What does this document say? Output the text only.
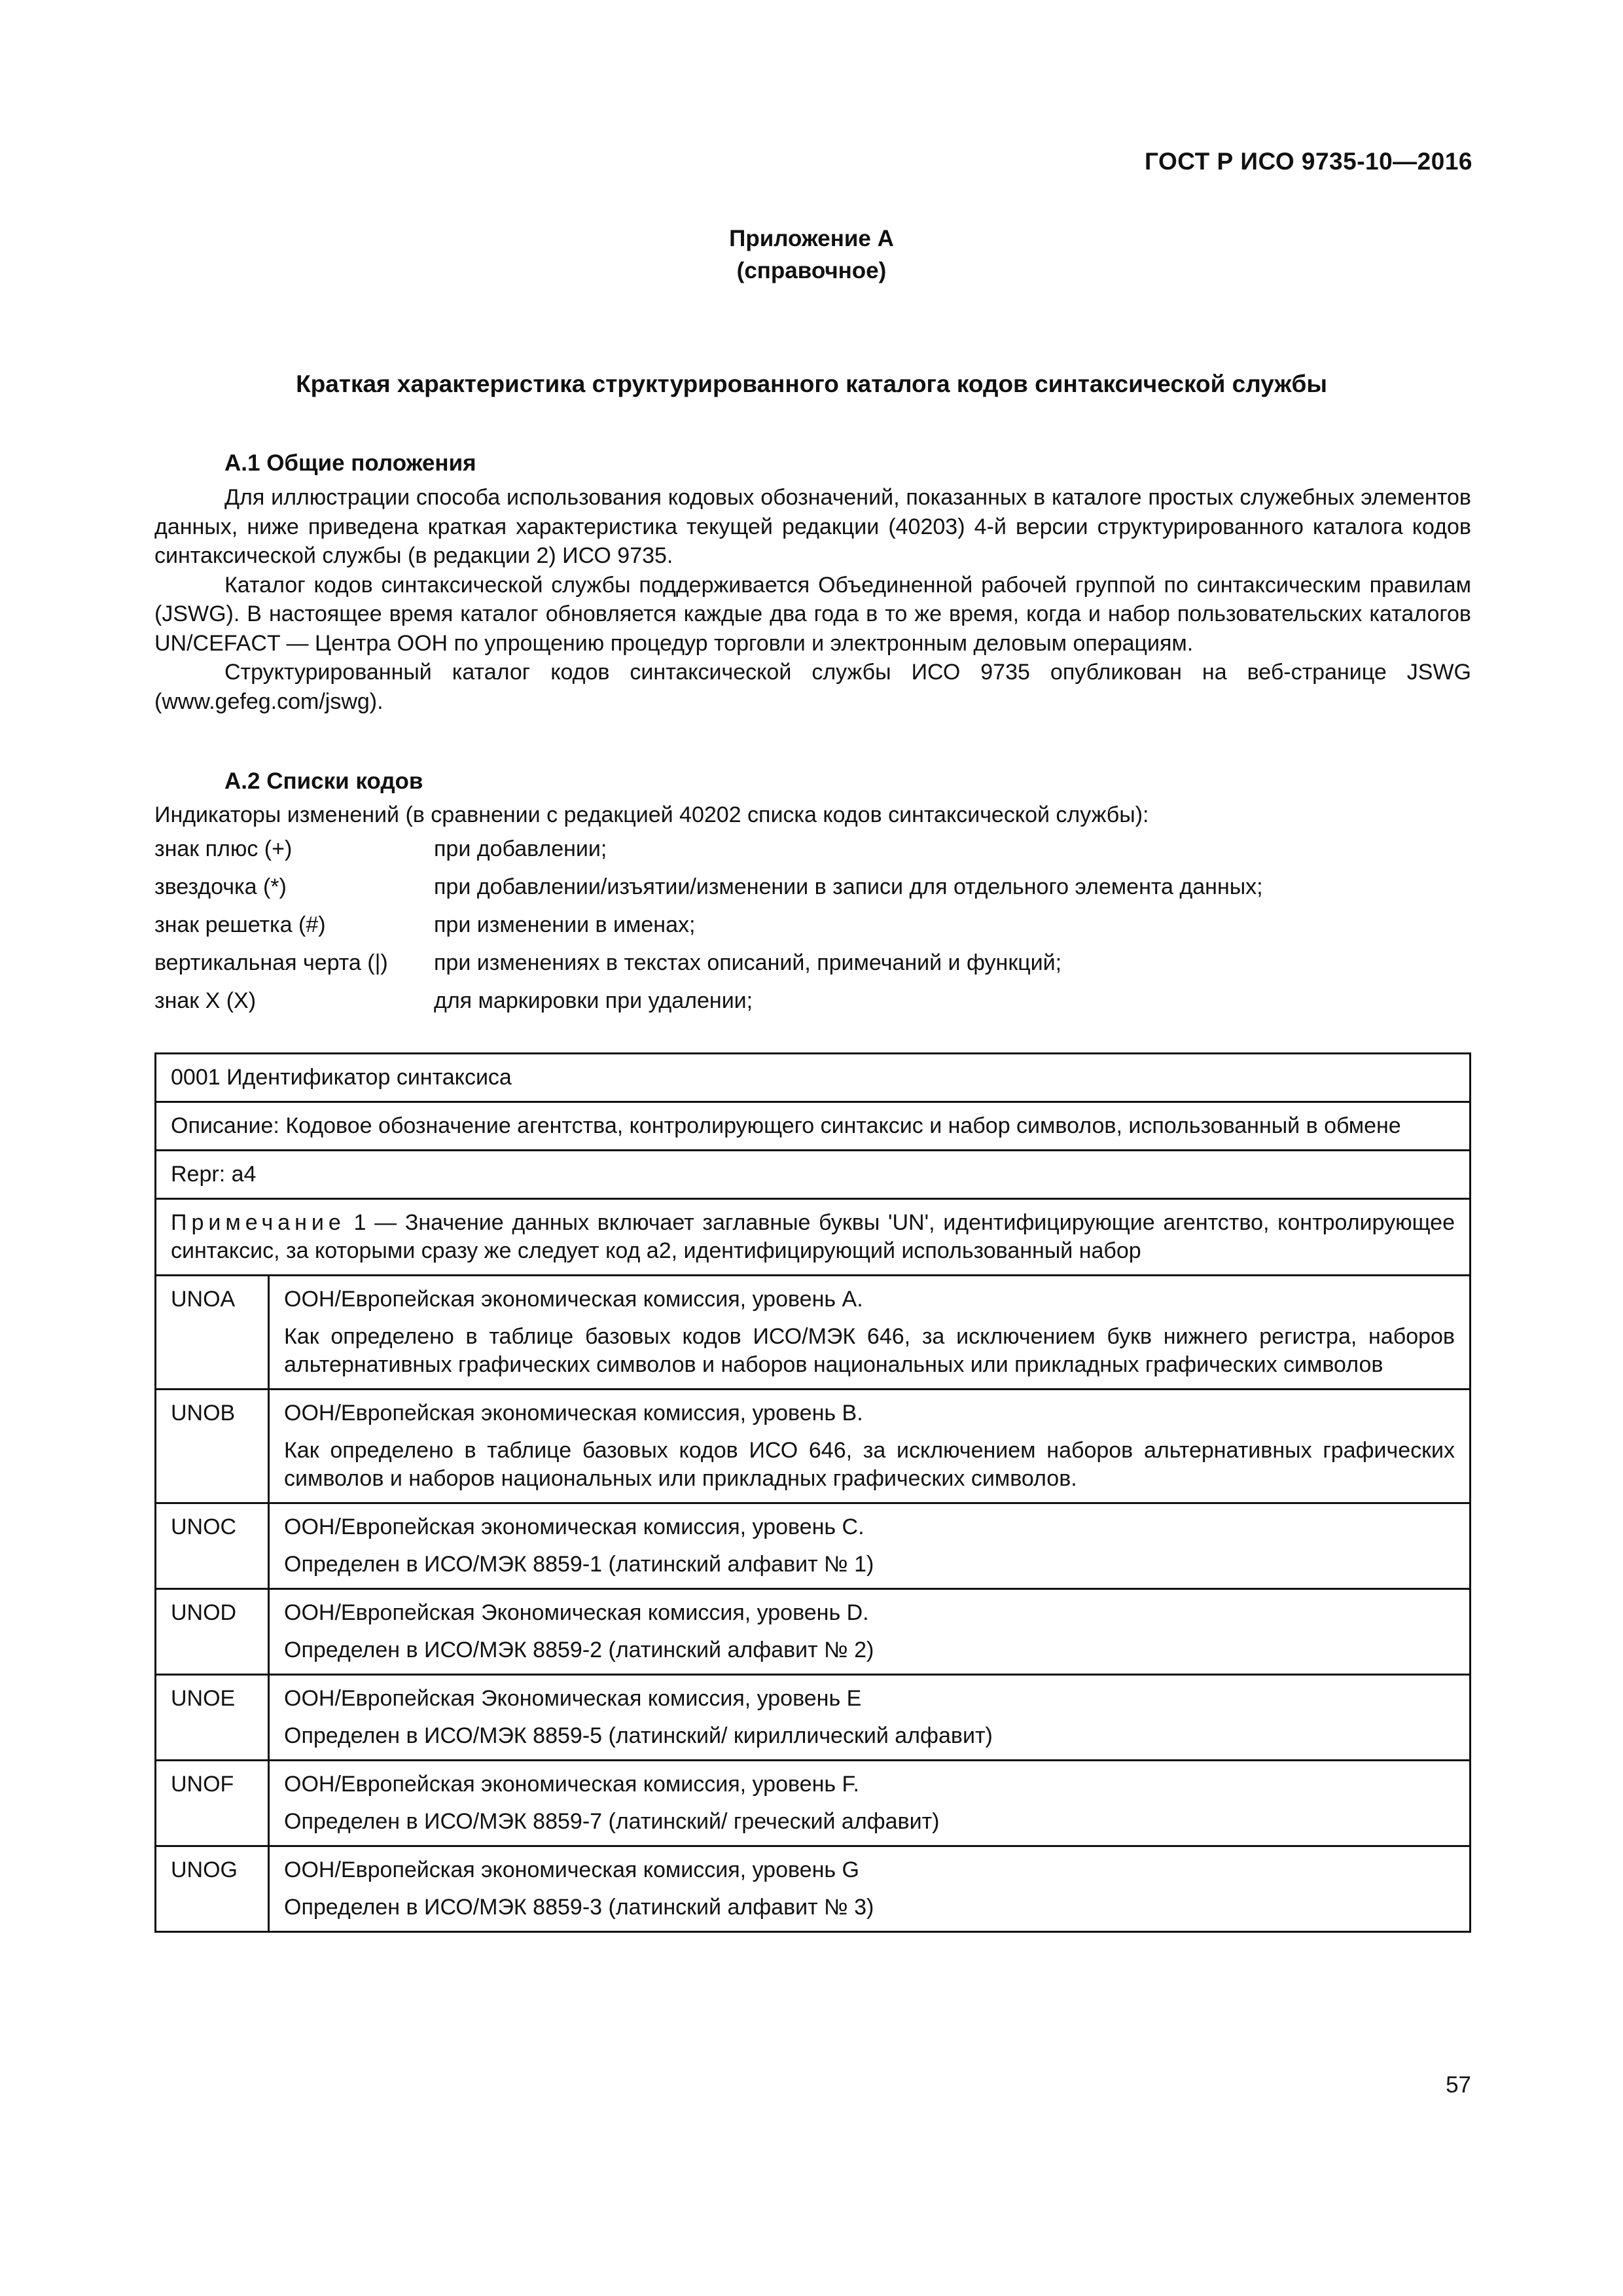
ГОСТ Р ИСО 9735-10—2016
Приложение А
(справочное)
Краткая характеристика структурированного каталога кодов синтаксической службы
А.1 Общие положения

Для иллюстрации способа использования кодовых обозначений, показанных в каталоге простых служебных элементов данных, ниже приведена краткая характеристика текущей редакции (40203) 4-й версии структурированного каталога кодов синтаксической службы (в редакции 2) ИСО 9735.

Каталог кодов синтаксической службы поддерживается Объединенной рабочей группой по синтаксическим правилам (JSWG). В настоящее время каталог обновляется каждые два года в то же время, когда и набор пользовательских каталогов UN/CEFACT — Центра ООН по упрощению процедур торговли и электронным деловым операциям.

Структурированный каталог кодов синтаксической службы ИСО 9735 опубликован на веб-странице JSWG (www.gefeg.com/jswg).

А.2 Списки кодов
Индикаторы изменений (в сравнении с редакцией 40202 списка кодов синтаксической службы):
знак плюс (+)	при добавлении;
звездочка (*)	при добавлении/изъятии/изменении в записи для отдельного элемента данных;
знак решетка (#)	при изменении в именах;
вертикальная черта (|) при изменениях в текстах описаний, примечаний и функций;
знак X (X)	для маркировки при удалении;
0001 Идентификатор синтаксиса	
Описание: Кодовое обозначение агентства, контролирующего синтаксис и набор символов, использованный в обмене	
Repr: a4	
Примечание 1 — Значение данных включает заглавные буквы 'UN', идентифицирующие агентство, контролирующее синтаксис, за которыми сразу же следует код а2, идентифицирующий использованный набор	
UNOA	ООН/Европейская экономическая комиссия, уровень A.
Как определено в таблице базовых кодов ИСО/МЭК 646, за исключением букв нижнего регистра, наборов альтернативных графических символов и наборов национальных или прикладных графических символов

UNOB	ООН/Европейская экономическая комиссия, уровень B.
Как определено в таблице базовых кодов ИСО 646, за исключением наборов альтернативных графических символов и наборов национальных или прикладных графических символов.

UNOC	ООН/Европейская экономическая комиссия, уровень C.
Определен в ИСО/МЭК 8859-1 (латинский алфавит № 1)

UNOD	ООН/Европейская Экономическая комиссия, уровень D.
Определен в ИСО/МЭК 8859-2 (латинский алфавит № 2)

UNOE	ООН/Европейская Экономическая комиссия, уровень E
Определен в ИСО/МЭК 8859-5 (латинский/ кириллический алфавит)

UNOF	ООН/Европейская экономическая комиссия, уровень F.
Определен в ИСО/МЭК 8859-7 (латинский/ греческий алфавит)

UNOG	ООН/Европейская экономическая комиссия, уровень G
Определен в ИСО/МЭК 8859-3 (латинский алфавит № 3)
57
